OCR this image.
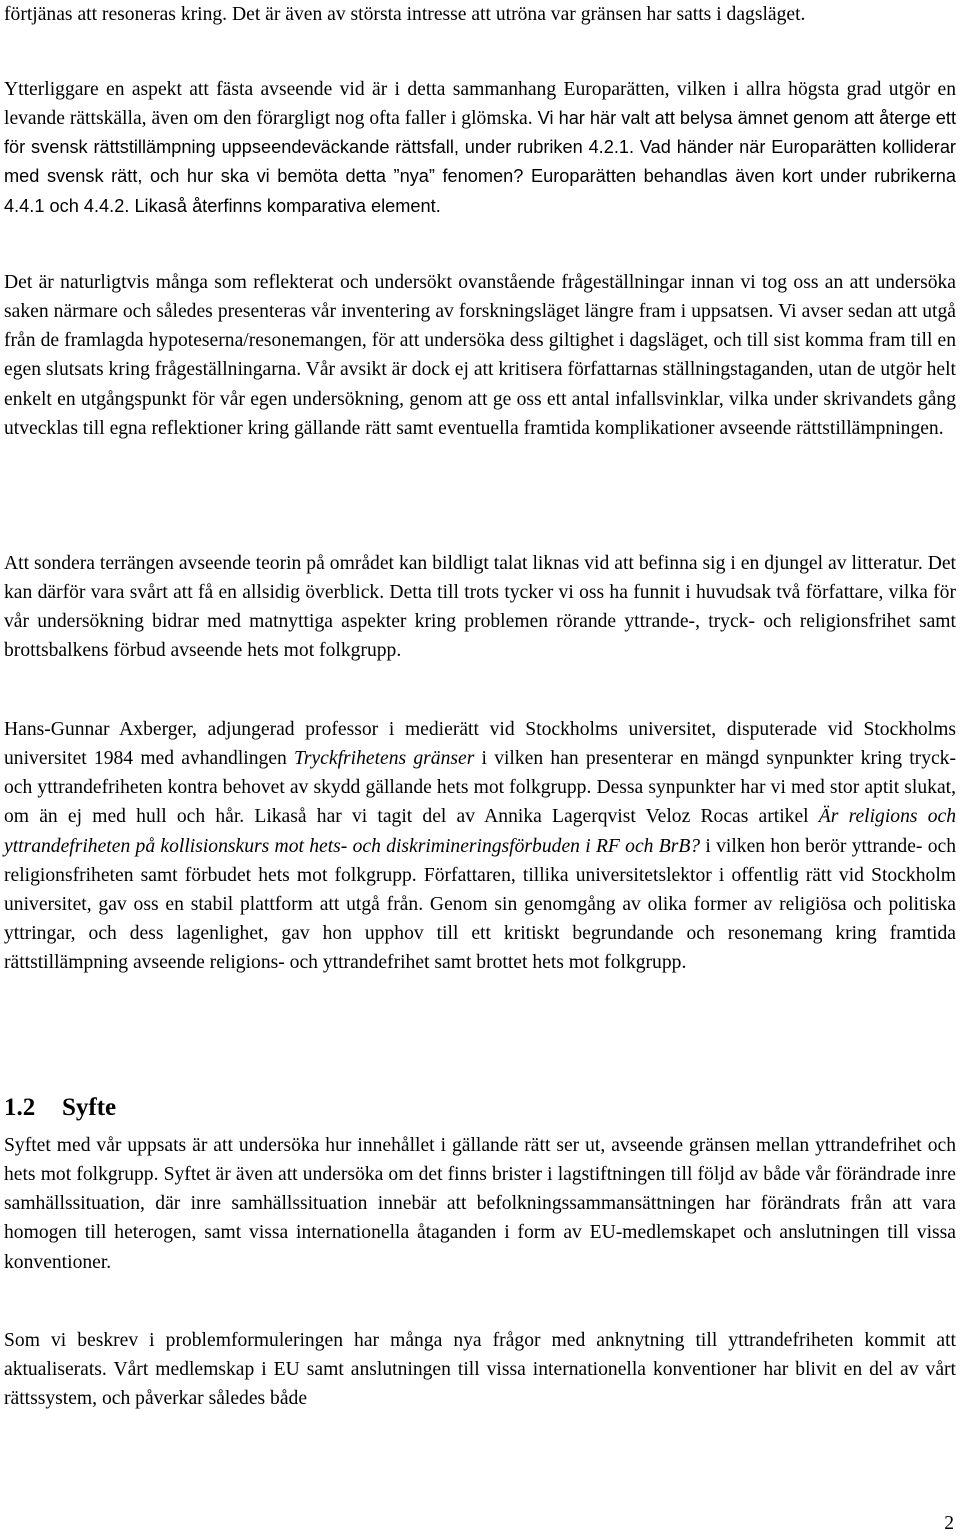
förtjänas att resoneras kring. Det är även av största intresse att utröna var gränsen har satts i dagsläget.

Ytterliggare en aspekt att fästa avseende vid är i detta sammanhang Europarätten, vilken i allra högsta grad utgör en levande rättskälla, även om den förargligt nog ofta faller i glömska. Vi har här valt att belysa ämnet genom att återge ett för svensk rättstillämpning uppseendeväckande rättsfall, under rubriken 4.2.1. Vad händer när Europarätten kolliderar med svensk rätt, och hur ska vi bemöta detta ”nya” fenomen? Europarätten behandlas även kort under rubrikerna 4.4.1 och 4.4.2. Likaså återfinns komparativa element.

Det är naturligtvis många som reflekterat och undersökt ovanstående frågeställningar innan vi tog oss an att undersöka saken närmare och således presenteras vår inventering av forskningsläget längre fram i uppsatsen. Vi avser sedan att utgå från de framlagda hypoteserna/resonemangen, för att undersöka dess giltighet i dagsläget, och till sist komma fram till en egen slutsats kring frågeställningarna. Vår avsikt är dock ej att kritisera författarnas ställningstaganden, utan de utgör helt enkelt en utgångspunkt för vår egen undersökning, genom att ge oss ett antal infallsvinklar, vilka under skrivandets gång utvecklas till egna reflektioner kring gällande rätt samt eventuella framtida komplikationer avseende rättstillämpningen.

Att sondera terrängen avseende teorin på området kan bildligt talat liknas vid att befinna sig i en djungel av litteratur. Det kan därför vara svårt att få en allsidig överblick. Detta till trots tycker vi oss ha funnit i huvudsak två författare, vilka för vår undersökning bidrar med matnyttiga aspekter kring problemen rörande yttrande-, tryck- och religionsfrihet samt brottsbalkens förbud avseende hets mot folkgrupp.

Hans-Gunnar Axberger, adjungerad professor i medierätt vid Stockholms universitet, disputerade vid Stockholms universitet 1984 med avhandlingen Tryckfrihetens gränser i vilken han presenterar en mängd synpunkter kring tryck- och yttrandefriheten kontra behovet av skydd gällande hets mot folkgrupp. Dessa synpunkter har vi med stor aptit slukat, om än ej med hull och hår. Likaså har vi tagit del av Annika Lagerqvist Veloz Rocas artikel Är religions och yttrandefriheten på kollisionskurs mot hets- och diskrimineringsförbuden i RF och BrB? i vilken hon berör yttrande- och religionsfriheten samt förbudet hets mot folkgrupp. Författaren, tillika universitetslektor i offentlig rätt vid Stockholm universitet, gav oss en stabil plattform att utgå från. Genom sin genomgång av olika former av religiösa och politiska yttringar, och dess lagenlighet, gav hon upphov till ett kritiskt begrundande och resonemang kring framtida rättstillämpning avseende religions- och yttrandefrihet samt brottet hets mot folkgrupp.

1.2 Syfte

Syftet med vår uppsats är att undersöka hur innehållet i gällande rätt ser ut, avseende gränsen mellan yttrandefrihet och hets mot folkgrupp. Syftet är även att undersöka om det finns brister i lagstiftningen till följd av både vår förändrade inre samhällssituation, där inre samhällssituation innebär att befolkningssammansättningen har förändrats från att vara homogen till heterogen, samt vissa internationella åtaganden i form av EU-medlemskapet och anslutningen till vissa konventioner.

Som vi beskrev i problemformuleringen har många nya frågor med anknytning till yttrandefriheten kommit att aktualiserats. Vårt medlemskap i EU samt anslutningen till vissa internationella konventioner har blivit en del av vårt rättssystem, och påverkar således både

2
